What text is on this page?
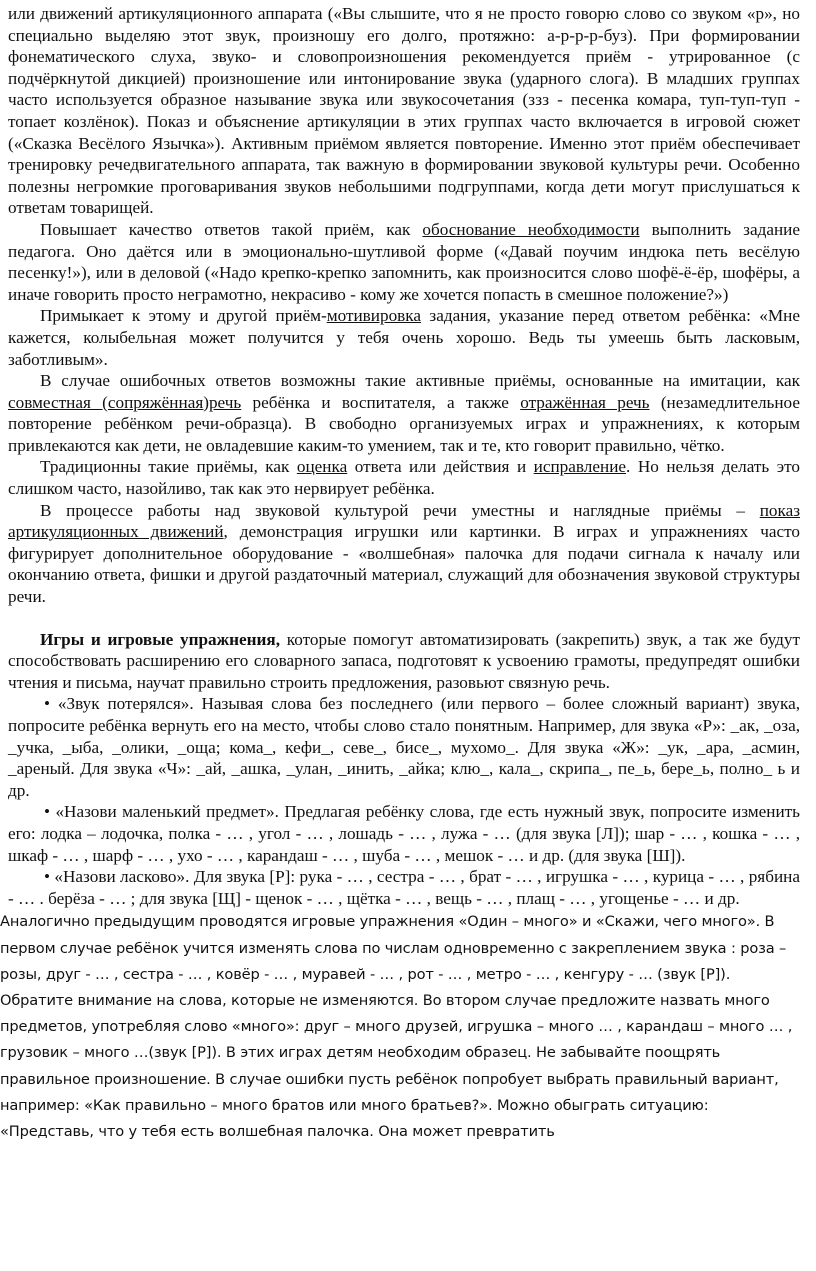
или движений артикуляционного аппарата («Вы слышите, что я не просто говорю слово со звуком «р», но специально выделяю этот звук, произношу его долго, протяжно: а-р-р-р-буз). При формировании фонематического слуха, звуко- и словопроизношения рекомендуется приём - утрированное (с подчёркнутой дикцией) произношение или интонирование звука (ударного слога). В младших группах часто используется образное называние звука или звукосочетания (ззз - песенка комара, туп-туп-туп - топает козлёнок). Показ и объяснение артикуляции в этих группах часто включается в игровой сюжет («Сказка Весёлого Язычка»). Активным приёмом является повторение. Именно этот приём обеспечивает тренировку речедвигательного аппарата, так важную в формировании звуковой культуры речи. Особенно полезны негромкие проговаривания звуков небольшими подгруппами, когда дети могут прислушаться к ответам товарищей.

Повышает качество ответов такой приём, как обоснование необходимости выполнить задание педагога. Оно даётся или в эмоционально-шутливой форме («Давай поучим индюка петь весёлую песенку!»), или в деловой («Надо крепко-крепко запомнить, как произносится слово шофё-ё-ёр, шофёры, а иначе говорить просто неграмотно, некрасиво - кому же хочется попасть в смешное положение?»)

Примыкает к этому и другой приём-мотивировка задания, указание перед ответом ребёнка: «Мне кажется, колыбельная может получится у тебя очень хорошо. Ведь ты умеешь быть ласковым, заботливым».

В случае ошибочных ответов возможны такие активные приёмы, основанные на имитации, как совместная (сопряжённая)речь ребёнка и воспитателя, а также отражённая речь (незамедлительное повторение ребёнком речи-образца). В свободно организуемых играх и упражнениях, к которым привлекаются как дети, не овладевшие каким-то умением, так и те, кто говорит правильно, чётко.

Традиционны такие приёмы, как оценка ответа или действия и исправление. Но нельзя делать это слишком часто, назойливо, так как это нервирует ребёнка.

В процессе работы над звуковой культурой речи уместны и наглядные приёмы – показ артикуляционных движений, демонстрация игрушки или картинки. В играх и упражнениях часто фигурирует дополнительное оборудование - «волшебная» палочка для подачи сигнала к началу или окончанию ответа, фишки и другой раздаточный материал, служащий для обозначения звуковой структуры речи.

Игры и игровые упражнения, которые помогут автоматизировать (закрепить) звук, а так же будут способствовать расширению его словарного запаса, подготовят к усвоению грамоты, предупредят ошибки чтения и письма, научат правильно строить предложения, разовьют связную речь.

• «Звук потерялся». Называя слова без последнего (или первого – более сложный вариант) звука, попросите ребёнка вернуть его на место, чтобы слово стало понятным. Например, для звука «Р»: _ак, _оза, _учка, _ыба, _олики, _оща; кома_, кефи_, севе_, бисе_, мухомо_. Для звука «Ж»: _ук, _ара, _асмин, _ареный. Для звука «Ч»: _ай, _ашка, _улан, _инить, _айка; клю_, кала_, скрипа_, пе_ь, бере_ь, полно_ ь и др.

• «Назови маленький предмет». Предлагая ребёнку слова, где есть нужный звук, попросите изменить его: лодка – лодочка, полка - … , угол - … , лошадь - … , лужа - … (для звука [Л]); шар - … , кошка - … , шкаф - … , шарф - … , ухо - … , карандаш - … , шуба - … , мешок - … и др. (для звука [Ш]).

• «Назови ласково». Для звука [Р]: рука - … , сестра - … , брат - … , игрушка - … , курица - … , рябина - … . берёза - … ; для звука [Щ] - щенок - … , щётка - … , вещь - … , плащ - … , угощенье - … и др.

Аналогично предыдущим проводятся игровые упражнения «Один – много» и «Скажи, чего много». В первом случае ребёнок учится изменять слова по числам одновременно с закреплением звука : роза – розы, друг - … , сестра - … , ковёр - … , муравей - … , рот - … , метро - … , кенгуру - … (звук [Р]). Обратите внимание на слова, которые не изменяются. Во втором случае предложите назвать много предметов, употребляя слово «много»: друг – много друзей, игрушка – много … , карандаш – много … , грузовик – много …(звук [Р]). В этих играх детям необходим образец. Не забывайте поощрять правильное произношение. В случае ошибки пусть ребёнок попробует выбрать правильный вариант, например: «Как правильно – много братов или много братьев?». Можно обыграть ситуацию: «Представь, что у тебя есть волшебная палочка. Она может превратить
